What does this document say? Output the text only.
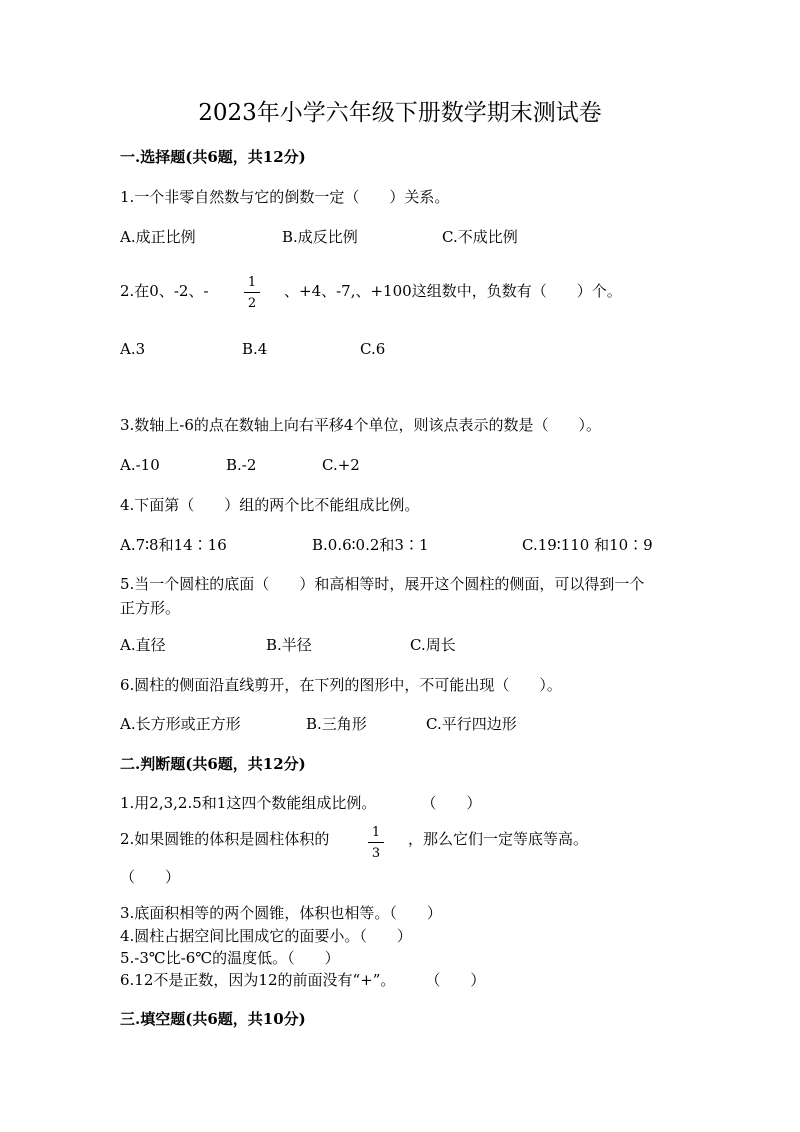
2023年小学六年级下册数学期末测试卷
一.选择题(共6题，共12分)
1.一个非零自然数与它的倒数一定（　　）关系。
A.成正比例	B.成反比例	C.不成比例
2.在0、-2、-	1
2
、+4、-7,、+100这组数中，负数有（　　）个。
A.3	B.4	C.6
3.数轴上-6的点在数轴上向右平移4个单位，则该点表示的数是（　　）。
A.-10	B.-2	C.+2
4.下面第（　　）组的两个比不能组成比例。
A.7∶8和14∶16	B.0.6∶0.2和3∶1	C.19∶110 和10∶9
5.当一个圆柱的底面（　　）和高相等时，展开这个圆柱的侧面，可以得到一个
正方形。
A.直径	B.半径	C.周长
6.圆柱的侧面沿直线剪开，在下列的图形中，不可能出现（　　）。
A.长方形或正方形	B.三角形	C.平行四边形
二.判断题(共6题，共12分)
1.用2,3,2.5和1这四个数能组成比例。　　　　（　　）
2.如果圆锥的体积是圆柱体积的	1
3
，那么它们一定等底等高。
（　　）
3.底面积相等的两个圆锥，体积也相等。（　　）
4.圆柱占据空间比围成它的面要小。（　　）
5.-3℃比-6℃的温度低。（　　）
6.12不是正数，因为12的前面没有“+”。　　　（　　）
三.填空题(共6题，共10分)
